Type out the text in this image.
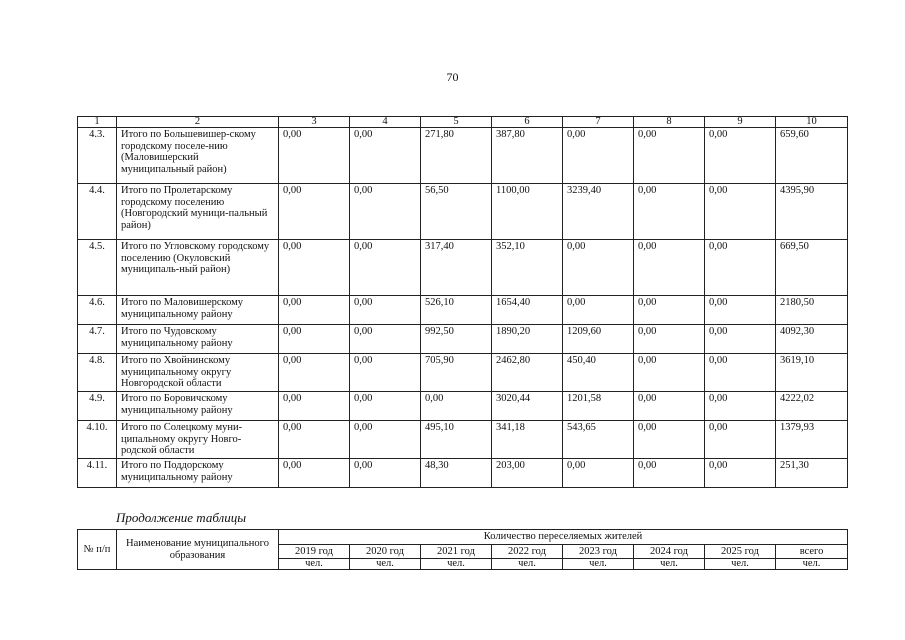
70
1	2	3	4	5	6	7	8	9	10
4.3.	Итого по Большевишер-скому городскому поселе-нию (Маловишерский муниципальный район)	0,00	0,00	271,80	387,80	0,00	0,00	0,00	659,60
4.4.	Итого по Пролетарскому городскому поселению (Новгородский муници-пальный район)	0,00	0,00	56,50	1100,00	3239,40	0,00	0,00	4395,90
4.5.	Итого по Угловскому городскому поселению (Окуловский муниципаль-ный район)	0,00	0,00	317,40	352,10	0,00	0,00	0,00	669,50
4.6.	Итого по Маловишерскому муниципальному району	0,00	0,00	526,10	1654,40	0,00	0,00	0,00	2180,50
4.7.	Итого по Чудовскому муниципальному району	0,00	0,00	992,50	1890,20	1209,60	0,00	0,00	4092,30
4.8.	Итого по Хвойнинскому муниципальному округу Новгородской области	0,00	0,00	705,90	2462,80	450,40	0,00	0,00	3619,10
4.9.	Итого по Боровичскому муниципальному району	0,00	0,00	0,00	3020,44	1201,58	0,00	0,00	4222,02
4.10.	Итого по Солецкому муни-ципальному округу Новго-родской области	0,00	0,00	495,10	341,18	543,65	0,00	0,00	1379,93
4.11.	Итого по Поддорскому муниципальному району	0,00	0,00	48,30	203,00	0,00	0,00	0,00	251,30
Продолжение таблицы
№ п/п	Наименование муниципального образования	Количество переселяемых жителей							
		2019 год	2020 год	2021 год	2022 год	2023 год	2024 год	2025 год	всего
		чел.	чел.	чел.	чел.	чел.	чел.	чел.	чел.
